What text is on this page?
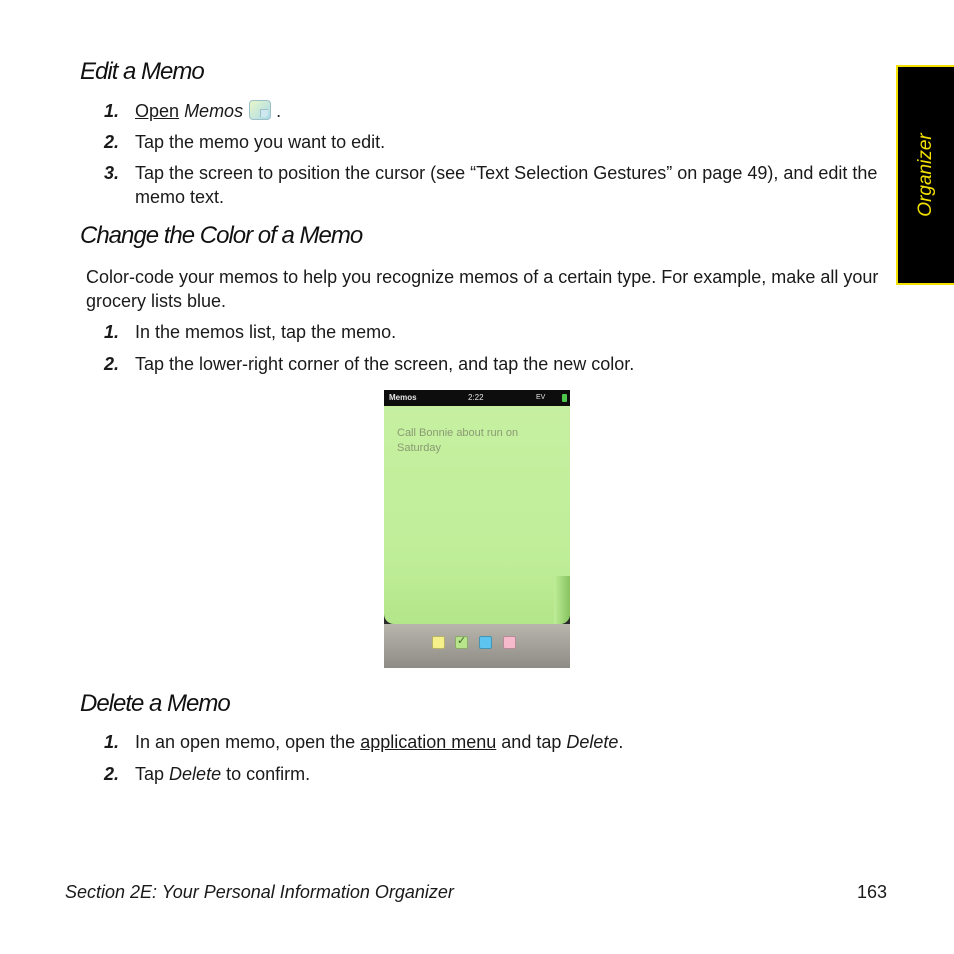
Organizer
Edit a Memo
1. Open Memos .
2. Tap the memo you want to edit.
3. Tap the screen to position the cursor (see “Text Selection Gestures” on page 49), and edit the memo text.
Change the Color of a Memo
Color-code your memos to help you recognize memos of a certain type. For example, make all your grocery lists blue.
1. In the memos list, tap the memo.
2. Tap the lower-right corner of the screen, and tap the new color.
Memos	2:22	EV
Call Bonnie about run on Saturday
✓
Delete a Memo
1. In an open memo, open the application menu and tap Delete.
2. Tap Delete to confirm.
Section 2E: Your Personal Information Organizer	163
